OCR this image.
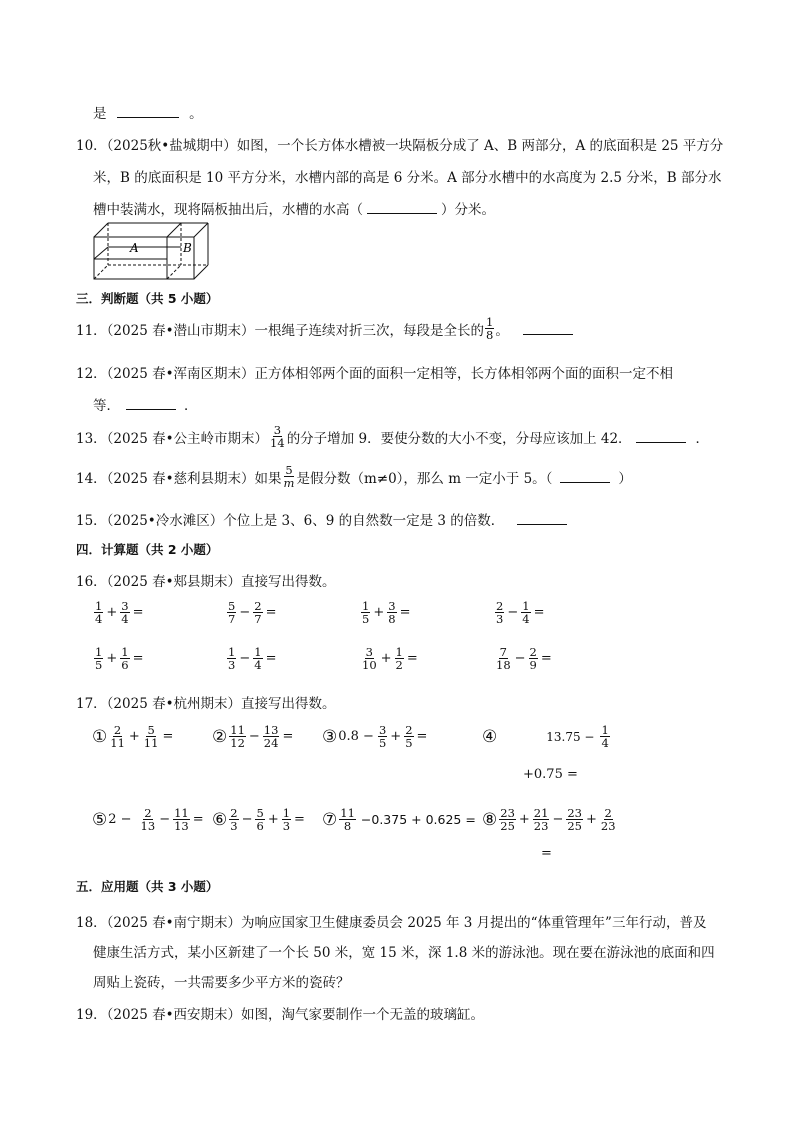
是	。
10．（2025秋•盐城期中）如图，一个长方体水槽被一块隔板分成了 A、B 两部分，A 的底面积是 25 平方分
米，B 的底面积是 10 平方分米，水槽内部的高是 6 分米。A 部分水槽中的水高度为 2.5 分米，B 部分水
槽中装满水，现将隔板抽出后，水槽的水高（	）分米。
A	B
三．判断题（共 5 小题）
11．（2025 春•潜山市期末）一根绳子连续对折三次，每段是全长的 $\frac{1}{8}$ 。
12．（2025 春•浑南区期末）正方体相邻两个面的面积一定相等，长方体相邻两个面的面积一定不相
等．	．
13．（2025 春•公主岭市期末） $\frac{3}{14}$ 的分子增加 9．要使分数的大小不变，分母应该加上 42．	．
14．（2025 春•慈利县期末）如果 $\frac{5}{m}$ 是假分数（m≠0），那么 m 一定小于 5。（	）
15．（2025•冷水滩区）个位上是 3、6、9 的自然数一定是 3 的倍数．
四．计算题（共 2 小题）
16．（2025 春•郏县期末）直接写出得数。
$\frac{1}{4} + \frac{3}{4}$ =	$\frac{5}{7} - \frac{2}{7}$ =	$\frac{1}{5} + \frac{3}{8}$ =	$\frac{2}{3} - \frac{1}{4}$ =
$\frac{1}{5} + \frac{1}{6}$ =	$\frac{1}{3} - \frac{1}{4}$ =	$\frac{3}{10} + \frac{1}{2}$ =	$\frac{7}{18} - \frac{2}{9}$ =
17．（2025 春•杭州期末）直接写出得数。
① $\frac{2}{11} + \frac{5}{11}$ = ② $\frac{11}{12} - \frac{13}{24}$ = ③ $0.8 - \frac{3}{5} + \frac{2}{5}$ =	④	$13.75 - \frac{1}{4}$
+0.75 =
⑤ $2 - \frac{2}{13} - \frac{11}{13}$ = ⑥ $\frac{2}{3} - \frac{5}{6} + \frac{1}{3}$ = ⑦ $\frac{11}{8} -0.375 + 0.625$ = ⑧ $\frac{23}{25} + \frac{21}{23} - \frac{23}{25} + \frac{2}{23}$
=
五．应用题（共 3 小题）
18．（2025 春•南宁期末）为响应国家卫生健康委员会 2025 年 3 月提出的“体重管理年”三年行动，普及
健康生活方式，某小区新建了一个长 50 米，宽 15 米，深 1.8 米的游泳池。现在要在游泳池的底面和四
周贴上瓷砖，一共需要多少平方米的瓷砖？
19．（2025 春•西安期末）如图，淘气家要制作一个无盖的玻璃缸。
